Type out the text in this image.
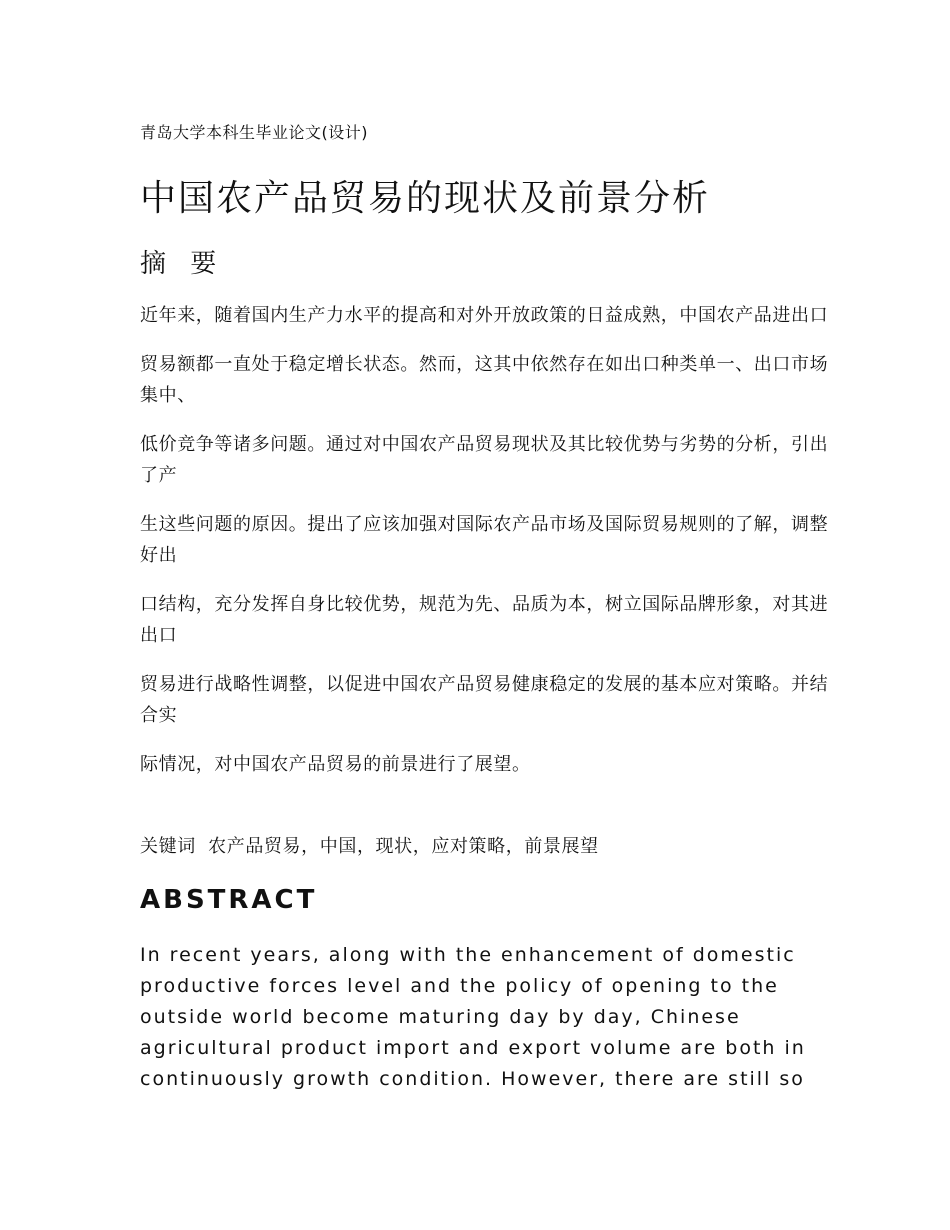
青岛大学本科生毕业论文(设计)
中国农产品贸易的现状及前景分析
摘 要

近年来，随着国内生产力水平的提高和对外开放政策的日益成熟，中国农产品进出口

贸易额都一直处于稳定增长状态。然而，这其中依然存在如出口种类单一、出口市场集中、

低价竞争等诸多问题。通过对中国农产品贸易现状及其比较优势与劣势的分析，引出了产

生这些问题的原因。提出了应该加强对国际农产品市场及国际贸易规则的了解，调整好出

口结构，充分发挥自身比较优势，规范为先、品质为本，树立国际品牌形象，对其进出口

贸易进行战略性调整，以促进中国农产品贸易健康稳定的发展的基本应对策略。并结合实

际情况，对中国农产品贸易的前景进行了展望。

关键词 农产品贸易，中国，现状，应对策略，前景展望
ABSTRACT

In recent years, along with the enhancement of domestic
productive forces level and the policy of opening to the
outside world become maturing day by day, Chinese
agricultural product import and export volume are both in
continuously growth condition. However, there are still so
